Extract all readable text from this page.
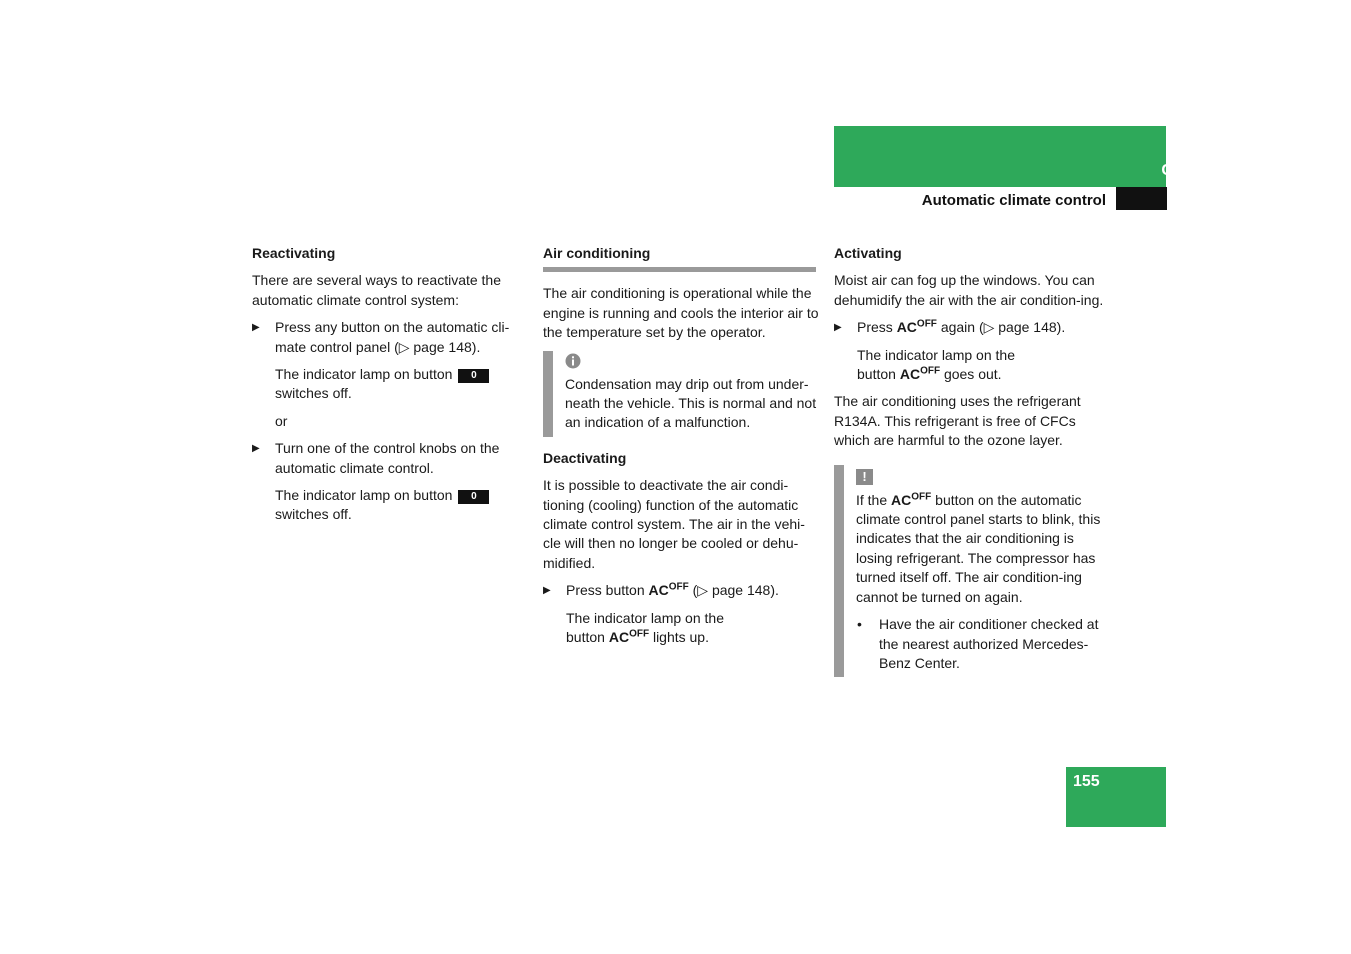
Controls in detail
Automatic climate control
Reactivating

There are several ways to reactivate the automatic climate control system:

▶ Press any button on the automatic cli-mate control panel (▷ page 148).
The indicator lamp on button 0
switches off.
or
▶ Turn one of the control knobs on the automatic climate control.
The indicator lamp on button 0
switches off.
Air conditioning

The air conditioning is operational while the engine is running and cools the interior air to the temperature set by the operator.

Condensation may drip out from under-neath the vehicle. This is normal and not an indication of a malfunction.
Deactivating

It is possible to deactivate the air condi-tioning (cooling) function of the automatic climate control system. The air in the vehi-cle will then no longer be cooled or dehu-midified.

▶ Press button $AC^{OFF}$ (▷ page 148).
The indicator lamp on the
button $AC^{OFF}$ lights up.
Activating

Moist air can fog up the windows. You can dehumidify the air with the air condition-ing.

▶ Press $AC^{OFF}$ again (▷ page 148).
The indicator lamp on the
button $AC^{OFF}$ goes out.

The air conditioning uses the refrigerant R134A. This refrigerant is free of CFCs which are harmful to the ozone layer.

!
If the $AC^{OFF}$ button on the automatic climate control panel starts to blink, this indicates that the air conditioning is losing refrigerant. The compressor has turned itself off. The air condition-ing cannot be turned on again.
• Have the air conditioner checked at the nearest authorized Mercedes-Benz Center.
155
